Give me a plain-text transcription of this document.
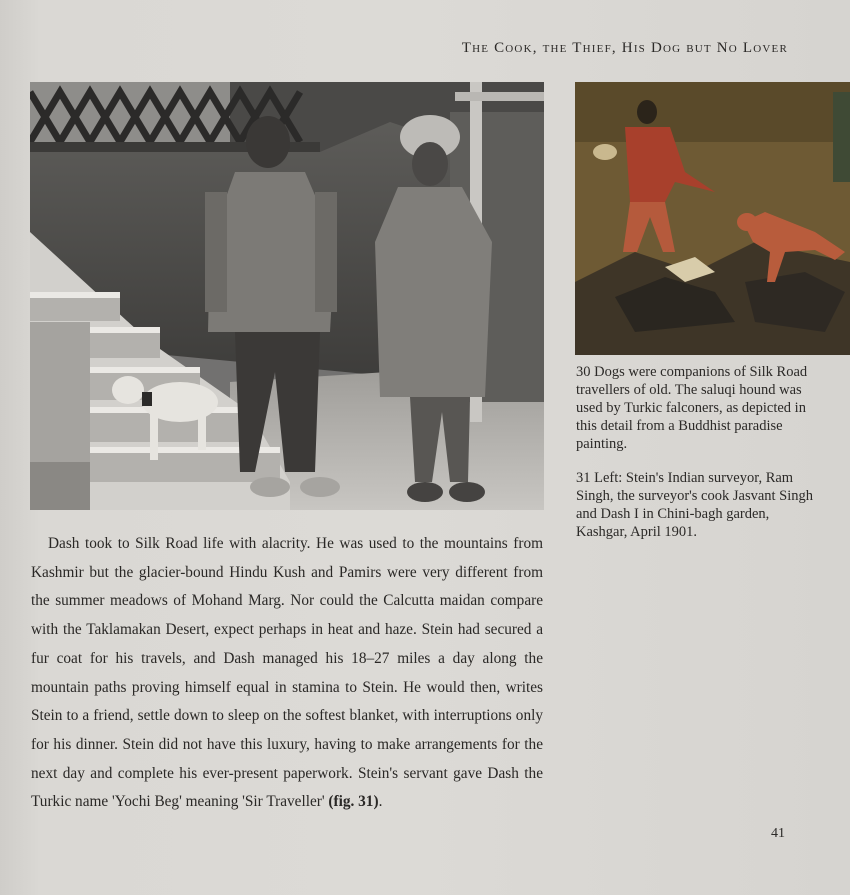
The Cook, the Thief, His Dog but No Lover
30 Dogs were companions of Silk Road travellers of old. The saluqi hound was used by Turkic falconers, as depicted in this detail from a Buddhist paradise painting.
31 Left: Stein's Indian surveyor, Ram Singh, the surveyor's cook Jasvant Singh and Dash I in Chini-bagh garden, Kashgar, April 1901.
Dash took to Silk Road life with alacrity. He was used to the mountains from Kashmir but the glacier-bound Hindu Kush and Pamirs were very different from the summer meadows of Mohand Marg. Nor could the Calcutta maidan compare with the Taklamakan Desert, expect perhaps in heat and haze. Stein had secured a fur coat for his travels, and Dash managed his 18–27 miles a day along the mountain paths proving himself equal in stamina to Stein. He would then, writes Stein to a friend, settle down to sleep on the softest blanket, with interruptions only for his dinner. Stein did not have this luxury, having to make arrangements for the next day and complete his ever-present paperwork. Stein's servant gave Dash the Turkic name 'Yochi Beg' meaning 'Sir Traveller' (fig. 31).
41
